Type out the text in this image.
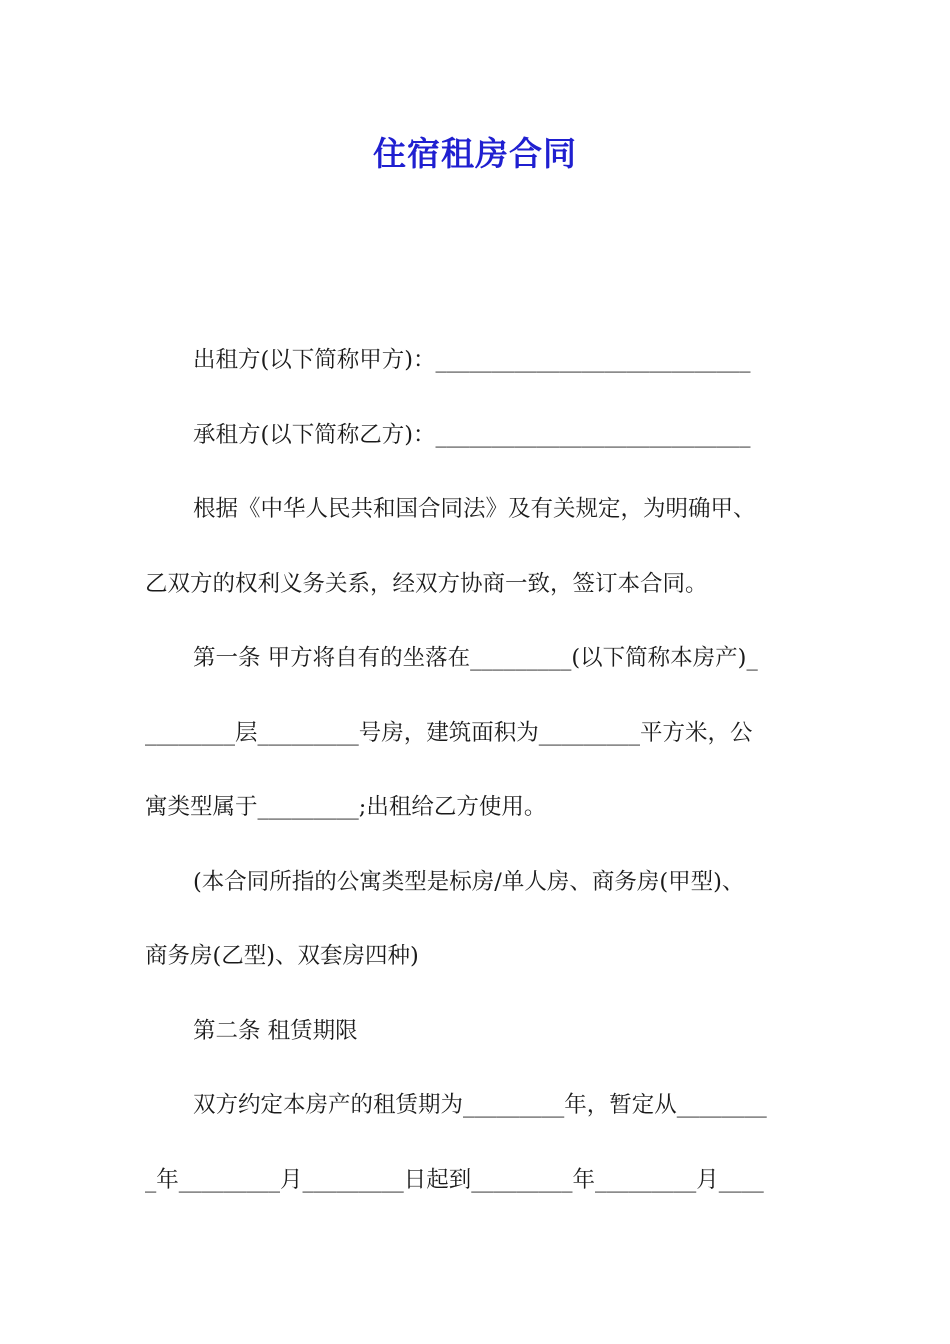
住宿租房合同

出租方(以下简称甲方)：____________________________

承租方(以下简称乙方)：____________________________

根据《中华人民共和国合同法》及有关规定，为明确甲、

乙双方的权利义务关系，经双方协商一致，签订本合同。

第一条 甲方将自有的坐落在_________(以下简称本房产)_

________层_________号房，建筑面积为_________平方米，公

寓类型属于_________;出租给乙方使用。

(本合同所指的公寓类型是标房/单人房、商务房(甲型)、

商务房(乙型)、双套房四种)

第二条 租赁期限

双方约定本房产的租赁期为_________年，暂定从________

_年_________月_________日起到_________年_________月____
